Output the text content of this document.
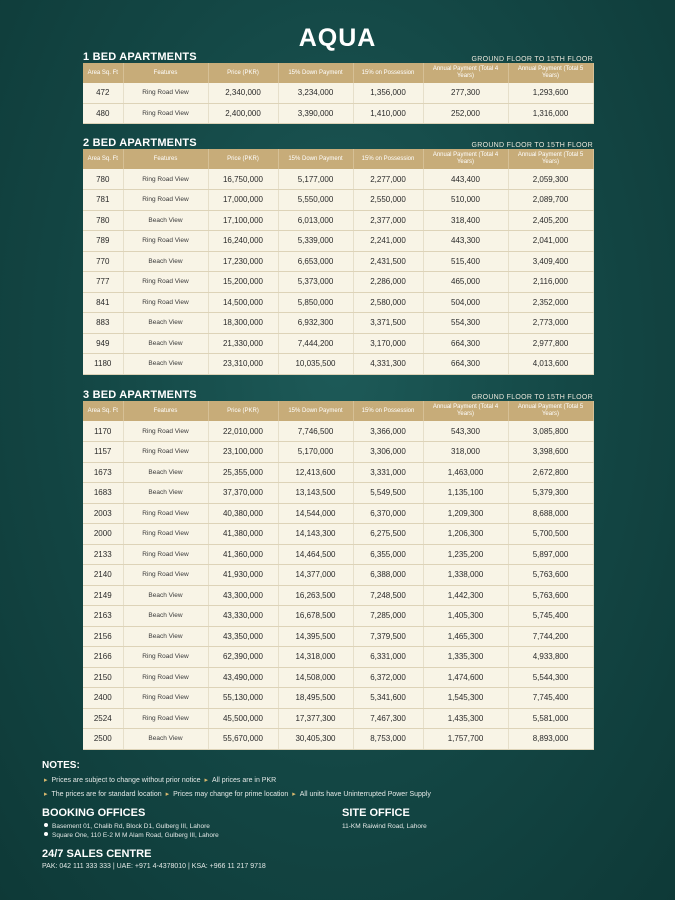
AQUA
1 BED APARTMENTS	GROUND FLOOR TO 15TH FLOOR
Area Sq. Ft	Features	Price (PKR)	15% Down Payment	15% on Possession	Annual Payment (Total 4 Years)	Annual Payment (Total 5 Years)
472	Ring Road View	2,340,000	3,234,000	1,356,000	277,300	1,293,600
480	Ring Road View	2,400,000	3,390,000	1,410,000	252,000	1,316,000
2 BED APARTMENTS	GROUND FLOOR TO 15TH FLOOR
Area Sq. Ft	Features	Price (PKR)	15% Down Payment	15% on Possession	Annual Payment (Total 4 Years)	Annual Payment (Total 5 Years)
780	Ring Road View	16,750,000	5,177,000	2,277,000	443,400	2,059,300
781	Ring Road View	17,000,000	5,550,000	2,550,000	510,000	2,089,700
780	Beach View	17,100,000	6,013,000	2,377,000	318,400	2,405,200
789	Ring Road View	16,240,000	5,339,000	2,241,000	443,300	2,041,000
770	Beach View	17,230,000	6,653,000	2,431,500	515,400	3,409,400
777	Ring Road View	15,200,000	5,373,000	2,286,000	465,000	2,116,000
841	Ring Road View	14,500,000	5,850,000	2,580,000	504,000	2,352,000
883	Beach View	18,300,000	6,932,300	3,371,500	554,300	2,773,000
949	Beach View	21,330,000	7,444,200	3,170,000	664,300	2,977,800
1180	Beach View	23,310,000	10,035,500	4,331,300	664,300	4,013,600
3 BED APARTMENTS	GROUND FLOOR TO 15TH FLOOR
Area Sq. Ft	Features	Price (PKR)	15% Down Payment	15% on Possession	Annual Payment (Total 4 Years)	Annual Payment (Total 5 Years)
1170	Ring Road View	22,010,000	7,746,500	3,366,000	543,300	3,085,800
1157	Ring Road View	23,100,000	5,170,000	3,306,000	318,000	3,398,600
1673	Beach View	25,355,000	12,413,600	3,331,000	1,463,000	2,672,800
1683	Beach View	37,370,000	13,143,500	5,549,500	1,135,100	5,379,300
2003	Ring Road View	40,380,000	14,544,000	6,370,000	1,209,300	8,688,000
2000	Ring Road View	41,380,000	14,143,300	6,275,500	1,206,300	5,700,500
2133	Ring Road View	41,360,000	14,464,500	6,355,000	1,235,200	5,897,000
2140	Ring Road View	41,930,000	14,377,000	6,388,000	1,338,000	5,763,600
2149	Beach View	43,300,000	16,263,500	7,248,500	1,442,300	5,763,600
2163	Beach View	43,330,000	16,678,500	7,285,000	1,405,300	5,745,400
2156	Beach View	43,350,000	14,395,500	7,379,500	1,465,300	7,744,200
2166	Ring Road View	62,390,000	14,318,000	6,331,000	1,335,300	4,933,800
2150	Ring Road View	43,490,000	14,508,000	6,372,000	1,474,600	5,544,300
2400	Ring Road View	55,130,000	18,495,500	5,341,600	1,545,300	7,745,400
2524	Ring Road View	45,500,000	17,377,300	7,467,300	1,435,300	5,581,000
2500	Beach View	55,670,000	30,405,300	8,753,000	1,757,700	8,893,000
NOTES:
▸ Prices are subject to change without prior notice ▸ All prices are in PKR
▸ The prices are for standard location ▸ Prices may change for prime location ▸ All units have Uninterrupted Power Supply
BOOKING OFFICES
Basement 01, Chalib Rd, Block D1, Gulberg III, Lahore
Square One, 110 E-2 M M Alam Road, Gulberg III, Lahore
SITE OFFICE
11-KM Raiwind Road, Lahore
24/7 SALES CENTRE
PAK: 042 111 333 333 | UAE: +971 4-4378010 | KSA: +966 11 217 9718
